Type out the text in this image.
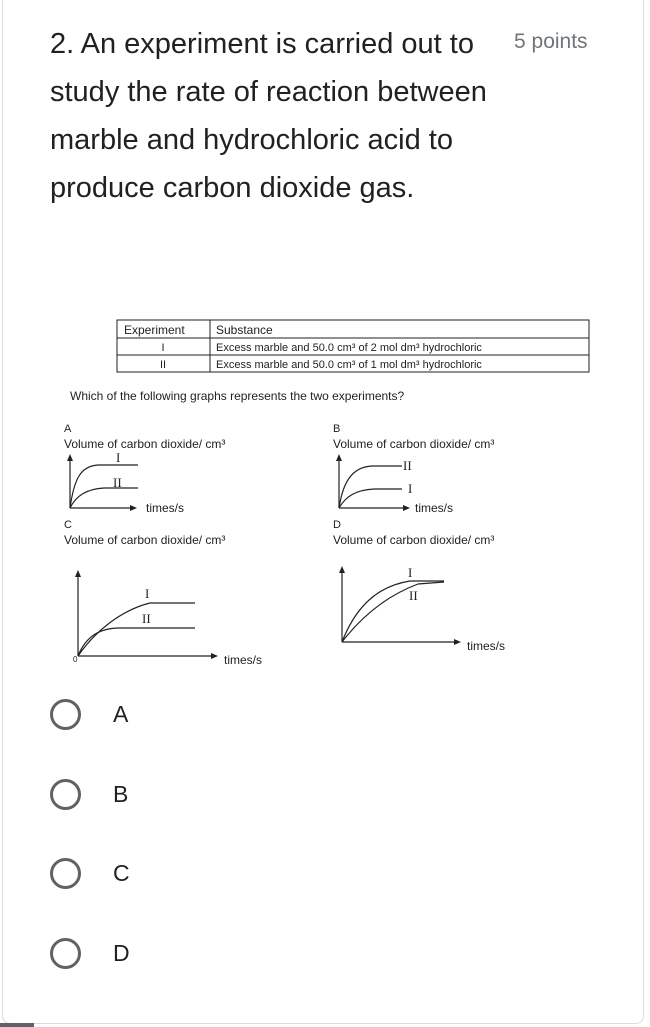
2. An experiment is carried out to study the rate of reaction between marble and hydrochloric acid to produce carbon dioxide gas.
5 points
Experiment	Substance
I	Excess marble and 50.0 cm³ of 2 mol dm³ hydrochloric
II	Excess marble and 50.0 cm³ of 1 mol dm³ hydrochloric
Which of the following graphs represents the two experiments?
A
Volume of carbon dioxide/ cm³
I
II
times/s
B
Volume of carbon dioxide/ cm³
II
I
times/s
C
Volume of carbon dioxide/ cm³
I
II
0	times/s
D
Volume of carbon dioxide/ cm³
I
II
times/s
A
B
C
D
